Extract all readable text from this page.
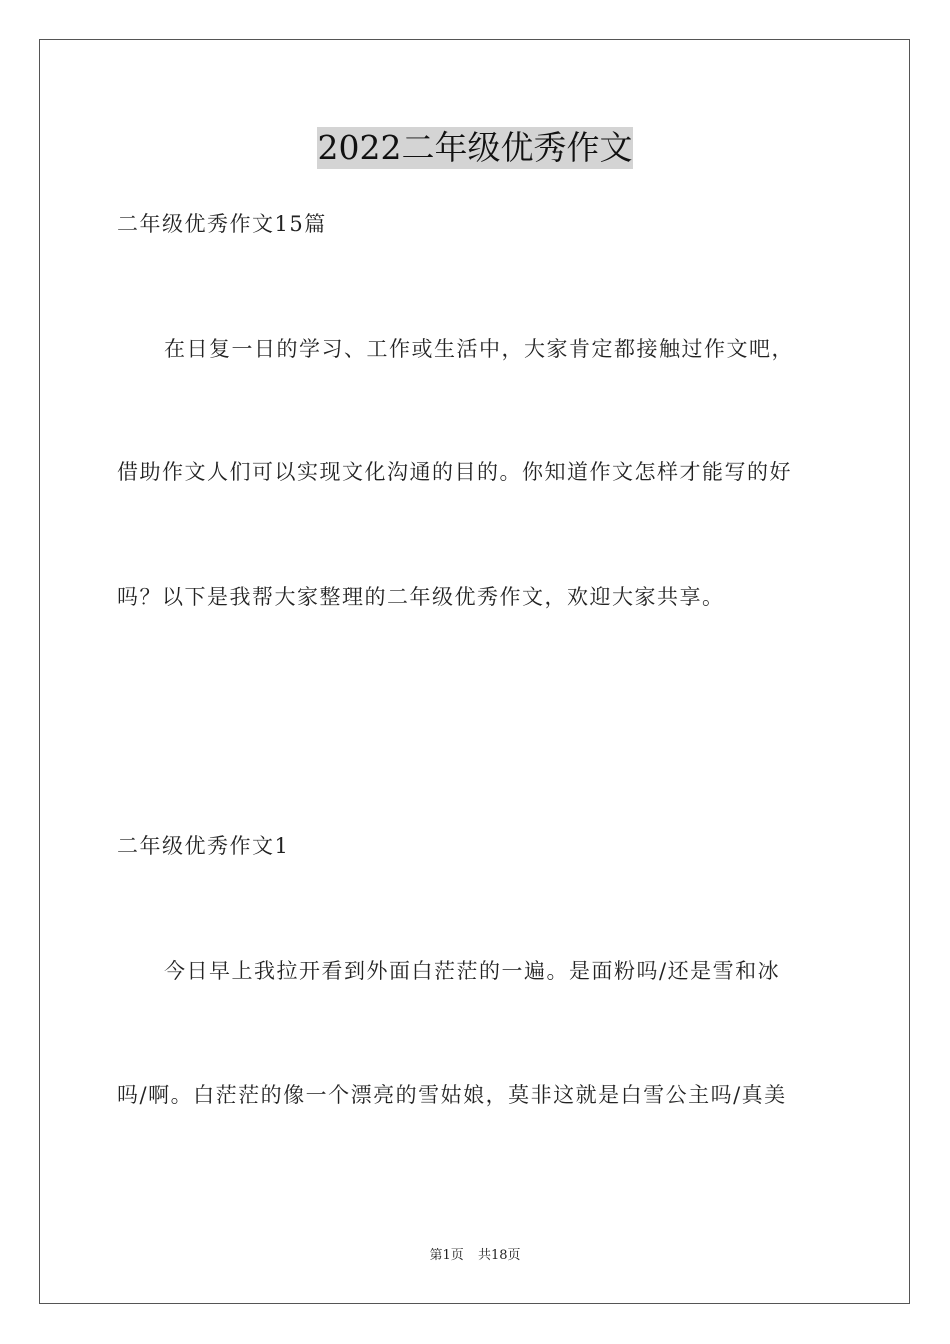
2022二年级优秀作文
二年级优秀作文15篇
在日复一日的学习、工作或生活中，大家肯定都接触过作文吧，
借助作文人们可以实现文化沟通的目的。你知道作文怎样才能写的好
吗？以下是我帮大家整理的二年级优秀作文，欢迎大家共享。
二年级优秀作文1
今日早上我拉开看到外面白茫茫的一遍。是面粉吗/还是雪和冰
吗/啊。白茫茫的像一个漂亮的雪姑娘，莫非这就是白雪公主吗/真美
第1页 共18页
